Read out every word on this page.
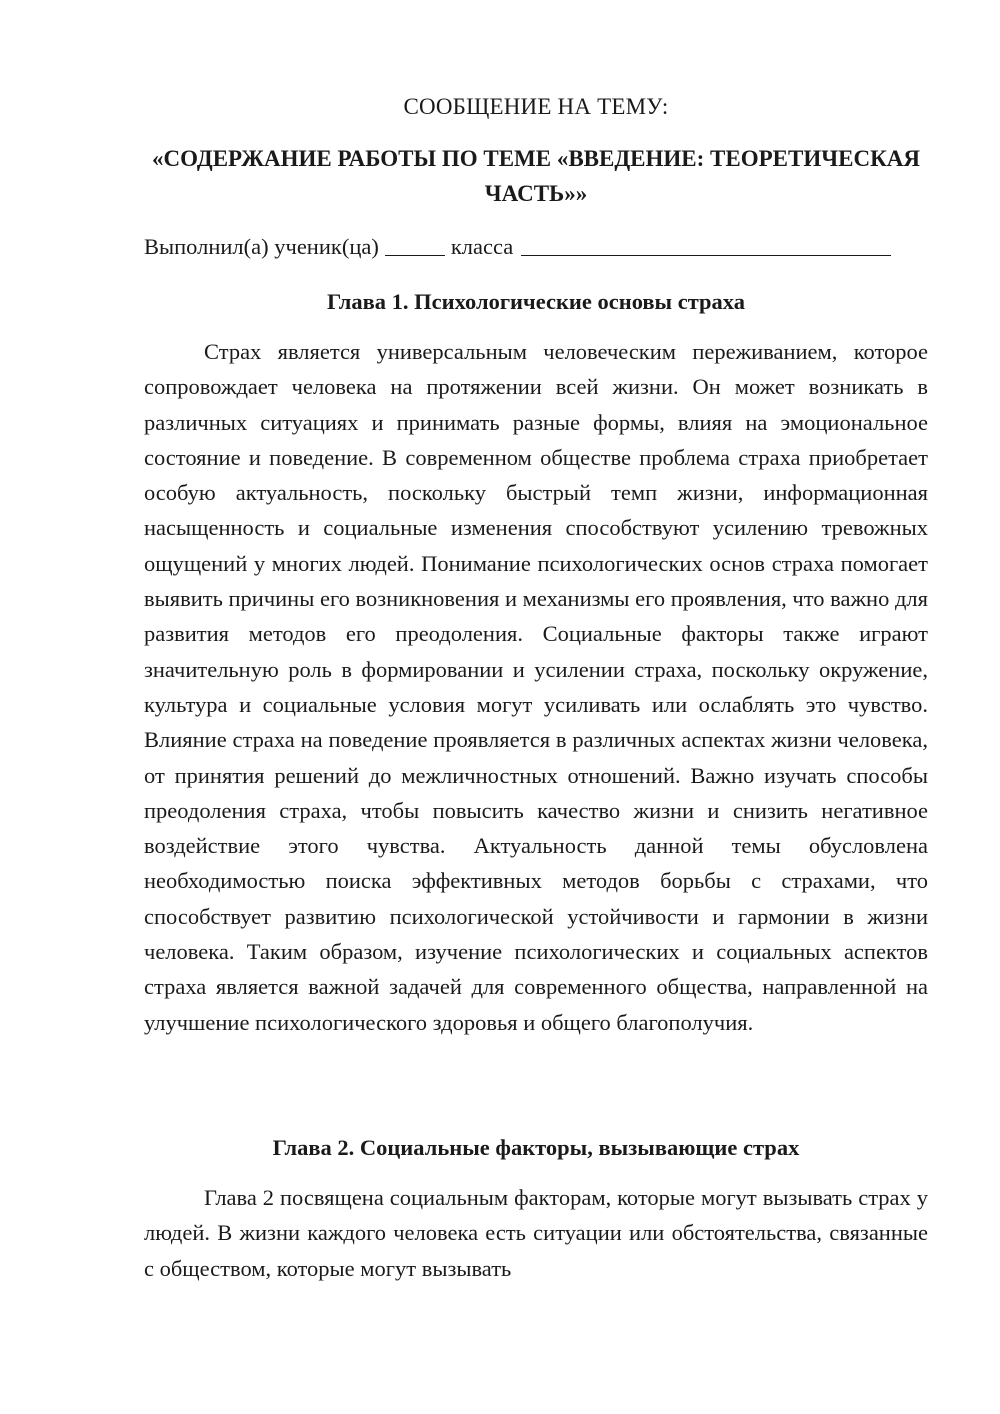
СООБЩЕНИЕ НА ТЕМУ:
«СОДЕРЖАНИЕ РАБОТЫ ПО ТЕМЕ «ВВЕДЕНИЕ: ТЕОРЕТИЧЕСКАЯ ЧАСТЬ»»
Выполнил(а) ученик(ца)	класса
Глава 1. Психологические основы страха
Страх является универсальным человеческим переживанием, которое сопровождает человека на протяжении всей жизни. Он может возникать в различных ситуациях и принимать разные формы, влияя на эмоциональное состояние и поведение. В современном обществе проблема страха приобретает особую актуальность, поскольку быстрый темп жизни, информационная насыщенность и социальные изменения способствуют усилению тревожных ощущений у многих людей. Понимание психологических основ страха помогает выявить причины его возникновения и механизмы его проявления, что важно для развития методов его преодоления. Социальные факторы также играют значительную роль в формировании и усилении страха, поскольку окружение, культура и социальные условия могут усиливать или ослаблять это чувство. Влияние страха на поведение проявляется в различных аспектах жизни человека, от принятия решений до межличностных отношений. Важно изучать способы преодоления страха, чтобы повысить качество жизни и снизить негативное воздействие этого чувства. Актуальность данной темы обусловлена необходимостью поиска эффективных методов борьбы с страхами, что способствует развитию психологической устойчивости и гармонии в жизни человека. Таким образом, изучение психологических и социальных аспектов страха является важной задачей для современного общества, направленной на улучшение психологического здоровья и общего благополучия.
Глава 2. Социальные факторы, вызывающие страх
Глава 2 посвящена социальным факторам, которые могут вызывать страх у людей. В жизни каждого человека есть ситуации или обстоятельства, связанные с обществом, которые могут вызывать
